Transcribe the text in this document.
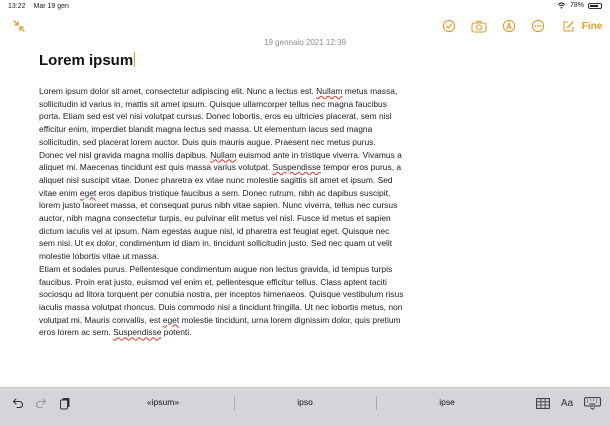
13:22 Mar 19 gen	78%
Fine
19 gennaio 2021 12:39
Lorem ipsum

Lorem ipsum dolor sit amet, consectetur adipiscing elit. Nunc a lectus est. Nullam metus massa, sollicitudin id varius in, mattis sit amet ipsum. Quisque ullamcorper tellus nec magna faucibus porta. Etiam sed est vel nisi volutpat cursus. Donec lobortis, eros eu ultricies placerat, sem nisl efficitur enim, imperdiet blandit magna lectus sed massa. Ut elementum lacus sed magna sollicitudin, sed placerat lorem auctor. Duis quis mauris augue. Praesent nec metus purus.

Donec vel nisl gravida magna mollis dapibus. Nullam euismod ante in tristique viverra. Vivamus a aliquet mi. Maecenas tincidunt est quis massa varius volutpat. Suspendisse tempor eros purus, a aliquet nisl suscipit vitae. Donec pharetra ex vitae nunc molestie sagittis sit amet et ipsum. Sed vitae enim eget eros dapibus tristique faucibus a sem. Donec rutrum, nibh ac dapibus suscipit, lorem justo laoreet massa, et consequat purus nibh vitae sapien. Nunc viverra, tellus nec cursus auctor, nibh magna consectetur turpis, eu pulvinar elit metus vel nisl. Fusce id metus et sapien dictum iaculis vel at ipsum. Nam egestas augue nisl, id pharetra est feugiat eget. Quisque nec sem nisi. Ut ex dolor, condimentum id diam in, tincidunt sollicitudin justo. Sed nec quam ut velit molestie lobortis vitae ut massa.

Etiam et sodales purus. Pellentesque condimentum augue non lectus gravida, id tempus turpis faucibus. Proin erat justo, euismod vel enim et, pellentesque efficitur tellus. Class aptent taciti sociosqu ad litora torquent per conubia nostra, per inceptos himenaeos. Quisque vestibulum risus iaculis massa volutpat rhoncus. Duis commodo nisi a tincidunt fringilla. Ut nec lobortis metus, non volutpat mi. Mauris convallis, est eget molestie tincidunt, urna lorem dignissim dolor, quis pretium eros lorem ac sem. Suspendisse potenti.

«ipsum»	ipso	ipse	Aa
